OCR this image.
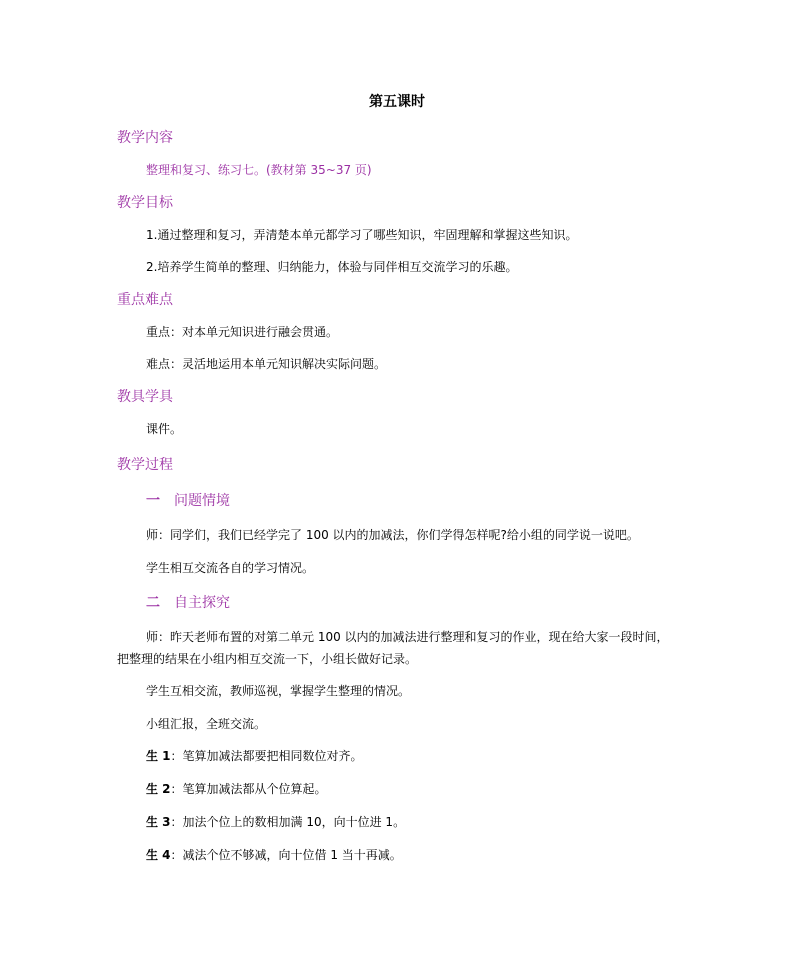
第五课时
教学内容
整理和复习、练习七。(教材第 35~37 页)
教学目标
1.通过整理和复习，弄清楚本单元都学习了哪些知识，牢固理解和掌握这些知识。
2.培养学生简单的整理、归纳能力，体验与同伴相互交流学习的乐趣。
重点难点
重点：对本单元知识进行融会贯通。
难点：灵活地运用本单元知识解决实际问题。
教具学具
课件。
教学过程
一 问题情境
师：同学们，我们已经学完了 100 以内的加减法，你们学得怎样呢?给小组的同学说一说吧。
学生相互交流各自的学习情况。
二 自主探究
师：昨天老师布置的对第二单元 100 以内的加减法进行整理和复习的作业，现在给大家一段时间，把整理的结果在小组内相互交流一下，小组长做好记录。
学生互相交流，教师巡视，掌握学生整理的情况。
小组汇报，全班交流。
生 1：笔算加减法都要把相同数位对齐。
生 2：笔算加减法都从个位算起。
生 3：加法个位上的数相加满 10，向十位进 1。
生 4：减法个位不够减，向十位借 1 当十再减。
